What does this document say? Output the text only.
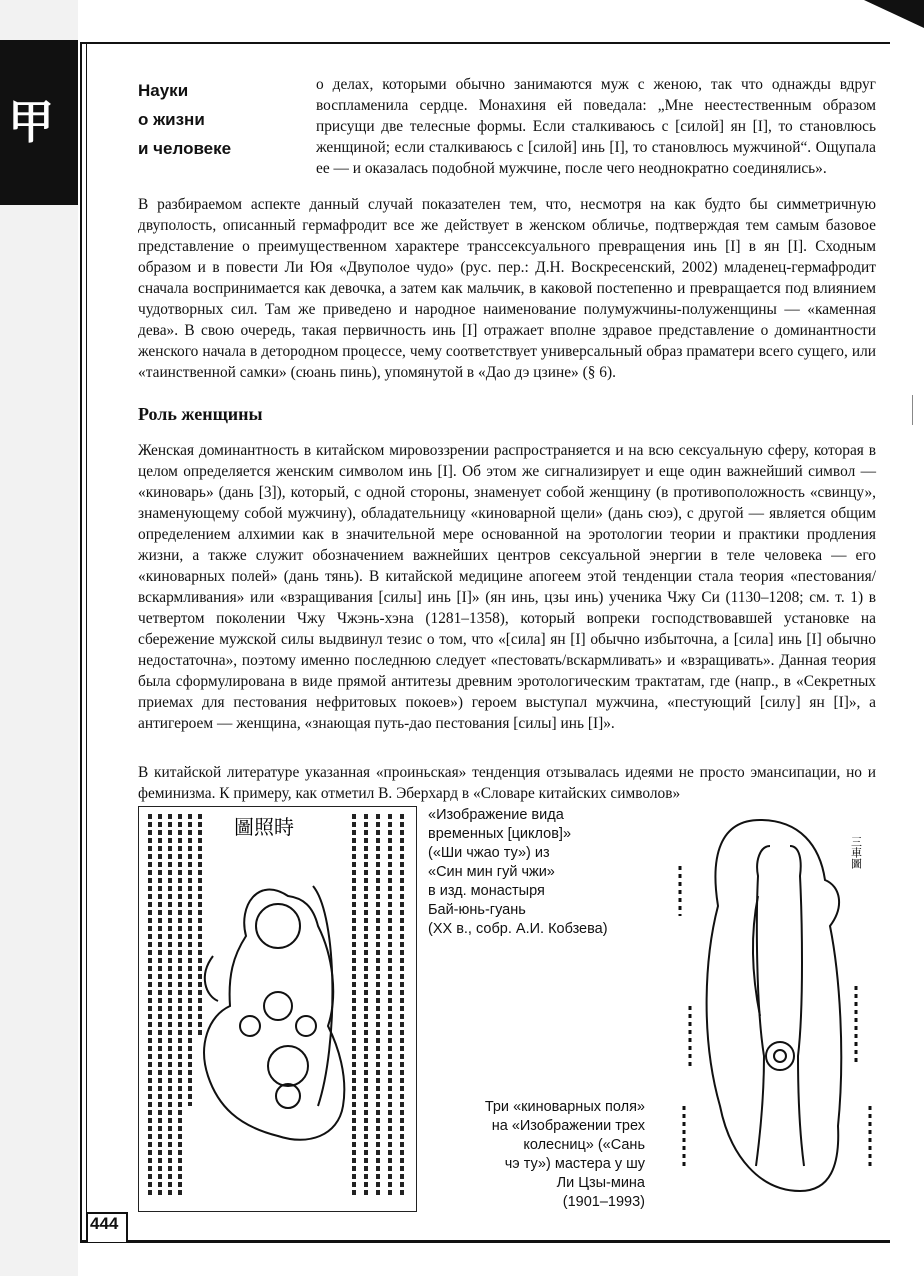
甲
Науки
о жизни
и человеке
о делах, которыми обычно занимаются муж с женою, так что однажды вдруг воспламенила сердце. Монахиня ей поведала: „Мне неестественным образом присущи две телесные формы. Если сталкиваюсь с [силой] ян [I], то становлюсь женщиной; если сталкиваюсь с [силой] инь [I], то становлюсь мужчиной“. Ощупала ее — и оказалась подобной мужчине, после чего неоднократно соединялись».
В разбираемом аспекте данный случай показателен тем, что, несмотря на как будто бы симметричную двуполость, описанный гермафродит все же действует в женском обличье, подтверждая тем самым базовое представление о преимущественном характере транссексуального превращения инь [I] в ян [I]. Сходным образом и в повести Ли Юя «Двуполое чудо» (рус. пер.: Д.Н. Воскресенский, 2002) младенец-гермафродит сначала воспринимается как девочка, а затем как мальчик, в каковой постепенно и превращается под влиянием чудотворных сил. Там же приведено и народное наименование полумужчины-полуженщины — «каменная дева». В свою очередь, такая первичность инь [I] отражает вполне здравое представление о доминантности женского начала в детородном процессе, чему соответствует универсальный образ праматери всего сущего, или «таинственной самки» (сюань пинь), упомянутой в «Дао дэ цзине» (§ 6).
Роль женщины
Женская доминантность в китайском мировоззрении распространяется и на всю сексуальную сферу, которая в целом определяется женским символом инь [I]. Об этом же сигнализирует и еще один важнейший символ — «киноварь» (дань [3]), который, с одной стороны, знаменует собой женщину (в противоположность «свинцу», знаменующему собой мужчину), обладательницу «киноварной щели» (дань сюэ), с другой — является общим определением алхимии как в значительной мере основанной на эротологии теории и практики продления жизни, а также служит обозначением важнейших центров сексуальной энергии в теле человека — его «киноварных полей» (дань тянь). В китайской медицине апогеем этой тенденции стала теория «пестования/вскармливания» или «взращивания [силы] инь [I]» (ян инь, цзы инь) ученика Чжу Си (1130–1208; см. т. 1) в четвертом поколении Чжу Чжэнь-хэна (1281–1358), который вопреки господствовавшей установке на сбережение мужской силы выдвинул тезис о том, что «[сила] ян [I] обычно избыточна, а [сила] инь [I] обычно недостаточна», поэтому именно последнюю следует «пестовать/вскармливать» и «взращивать». Данная теория была сформулирована в виде прямой антитезы древним эротологическим трактатам, где (напр., в «Секретных приемах для пестования нефритовых покоев») героем выступал мужчина, «пестующий [силу] ян [I]», а антигероем — женщина, «знающая путь-дао пестования [силы] инь [I]».
В китайской литературе указанная «проиньская» тенденция отзывалась идеями не просто эмансипации, но и феминизма. К примеру, как отметил В. Эберхард в «Словаре китайских символов»
圖照時	«Изображение вида
временных [циклов]»
(«Ши чжао ту») из
«Син мин гуй чжи»
в изд. монастыря
Бай-юнь-гуань
(XX в., собр. А.И. Кобзева)
Три «киноварных поля»
на «Изображении трех
колесниц» («Сань
чэ ту») мастера у шу
Ли Цзы-мина
(1901–1993)
三車圖
444
